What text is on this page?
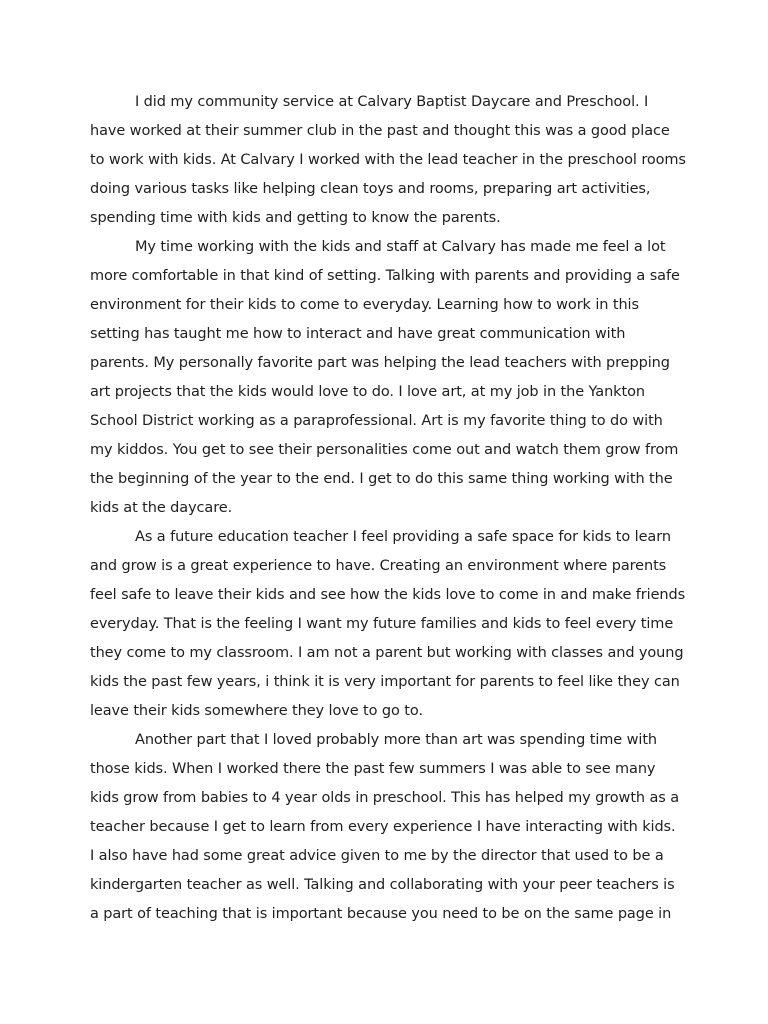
I did my community service at Calvary Baptist Daycare and Preschool. I
have worked at their summer club in the past and thought this was a good place
to work with kids. At Calvary I worked with the lead teacher in the preschool rooms
doing various tasks like helping clean toys and rooms, preparing art activities,
spending time with kids and getting to know the parents.
My time working with the kids and staff at Calvary has made me feel a lot
more comfortable in that kind of setting. Talking with parents and providing a safe
environment for their kids to come to everyday. Learning how to work in this
setting has taught me how to interact and have great communication with
parents. My personally favorite part was helping the lead teachers with prepping
art projects that the kids would love to do. I love art, at my job in the Yankton
School District working as a paraprofessional. Art is my favorite thing to do with
my kiddos. You get to see their personalities come out and watch them grow from
the beginning of the year to the end. I get to do this same thing working with the
kids at the daycare.
As a future education teacher I feel providing a safe space for kids to learn
and grow is a great experience to have. Creating an environment where parents
feel safe to leave their kids and see how the kids love to come in and make friends
everyday. That is the feeling I want my future families and kids to feel every time
they come to my classroom. I am not a parent but working with classes and young
kids the past few years, i think it is very important for parents to feel like they can
leave their kids somewhere they love to go to.
Another part that I loved probably more than art was spending time with
those kids. When I worked there the past few summers I was able to see many
kids grow from babies to 4 year olds in preschool. This has helped my growth as a
teacher because I get to learn from every experience I have interacting with kids.
I also have had some great advice given to me by the director that used to be a
kindergarten teacher as well. Talking and collaborating with your peer teachers is
a part of teaching that is important because you need to be on the same page in
